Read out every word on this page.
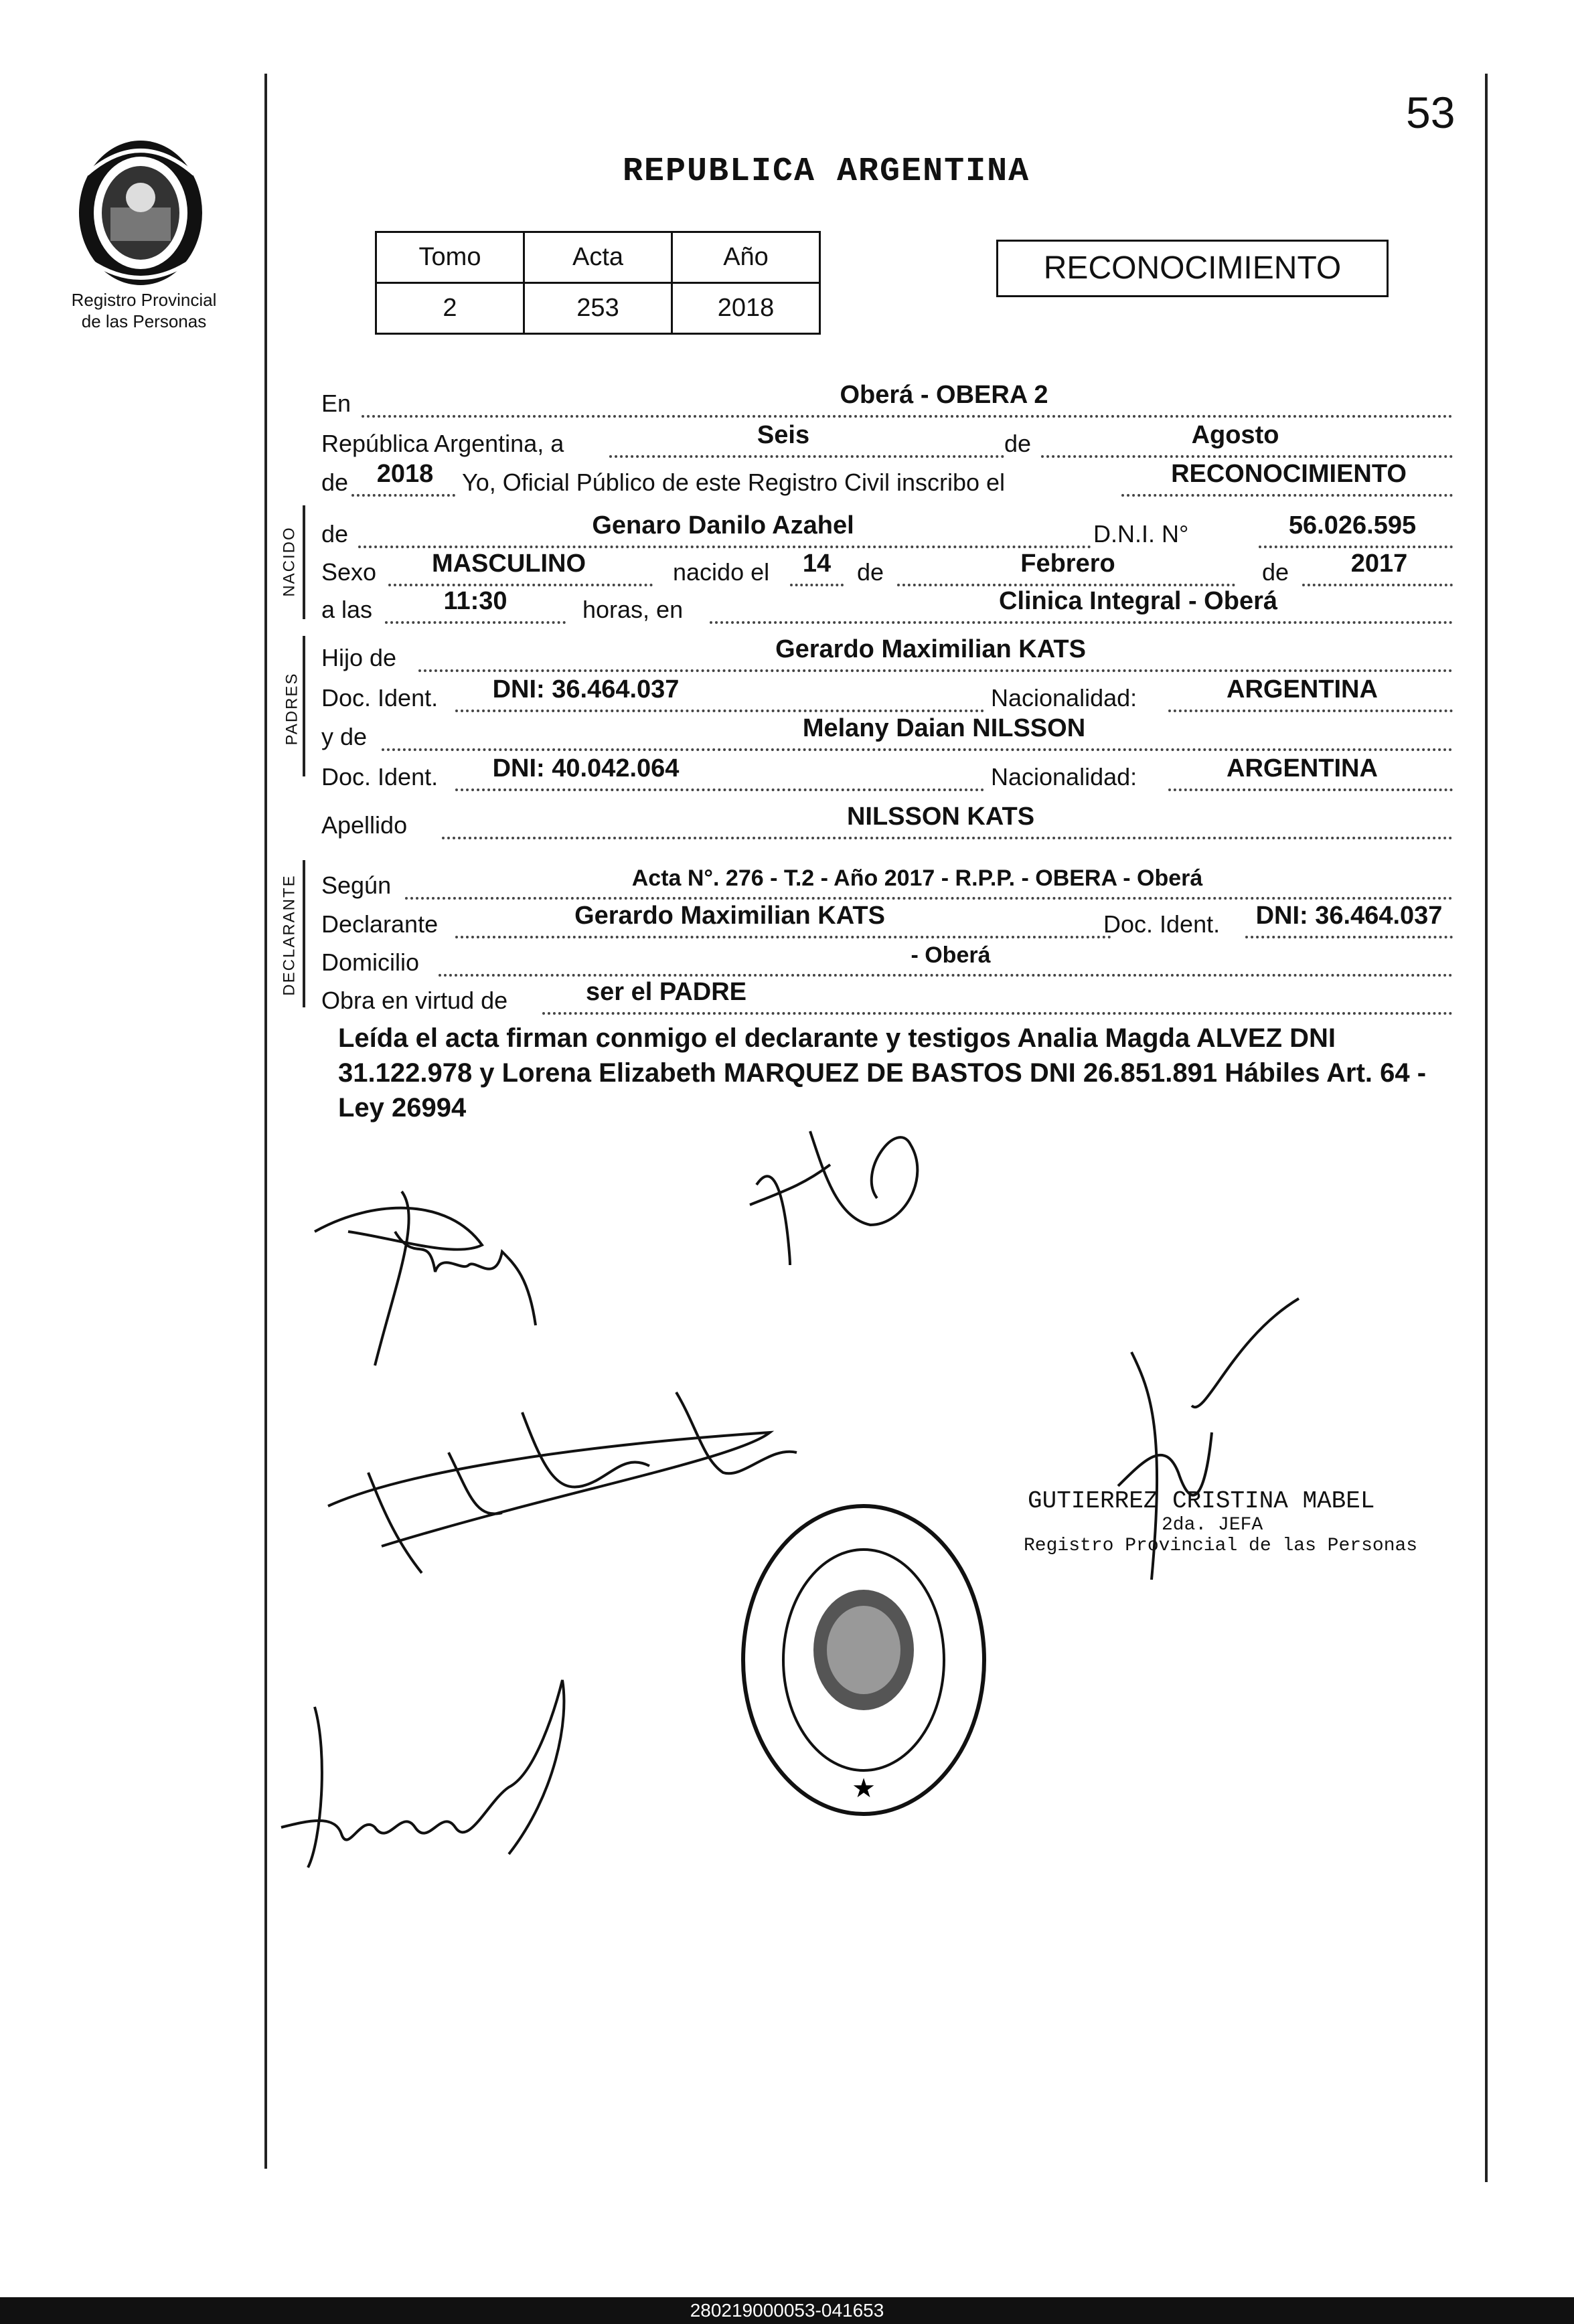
53
REPUBLICA ARGENTINA
Registro Provincial
de las Personas
Tomo	Acta	Año
2	253	2018
RECONOCIMIENTO
En	Oberá - OBERA 2
República Argentina, a	Seis	de	Agosto
de	2018	Yo, Oficial Público de este Registro Civil inscribo el	RECONOCIMIENTO
NACIDO de	Genaro Danilo Azahel	D.N.I. N°	56.026.595
Sexo	MASCULINO	nacido el	14	de	Febrero	de	2017
a las	11:30	horas, en	Clinica Integral - Oberá
PADRES
Hijo de	Gerardo Maximilian KATS
Doc. Ident.	DNI: 36.464.037	Nacionalidad:	ARGENTINA
y de	Melany Daian NILSSON
Doc. Ident.	DNI: 40.042.064	Nacionalidad:	ARGENTINA
Apellido	NILSSON KATS
DECLARANTE Según	Acta N°. 276 - T.2 - Año 2017 - R.P.P. - OBERA - Oberá
Declarante	Gerardo Maximilian KATS	Doc. Ident.	DNI: 36.464.037
Domicilio	- Oberá
Obra en virtud de	ser el PADRE
Leída el acta firman conmigo el declarante y testigos Analia Magda ALVEZ DNI 31.122.978 y Lorena Elizabeth MARQUEZ DE BASTOS DNI 26.851.891 Hábiles Art. 64 - Ley 26994
GUTIERREZ CRISTINA MABEL
2da. JEFA
Registro Provincial de las Personas
★
280219000053-041653
